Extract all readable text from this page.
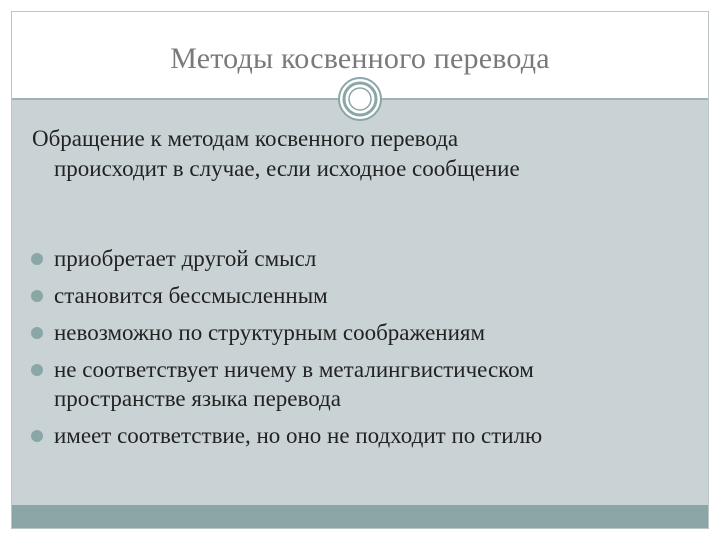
Методы косвенного перевода
Обращение к методам косвенного перевода
происходит в случае, если исходное сообщение
приобретает другой смысл
становится бессмысленным
невозможно по структурным соображениям
не соответствует ничему в металингвистическом
пространстве языка перевода
имеет соответствие, но оно не подходит по стилю
